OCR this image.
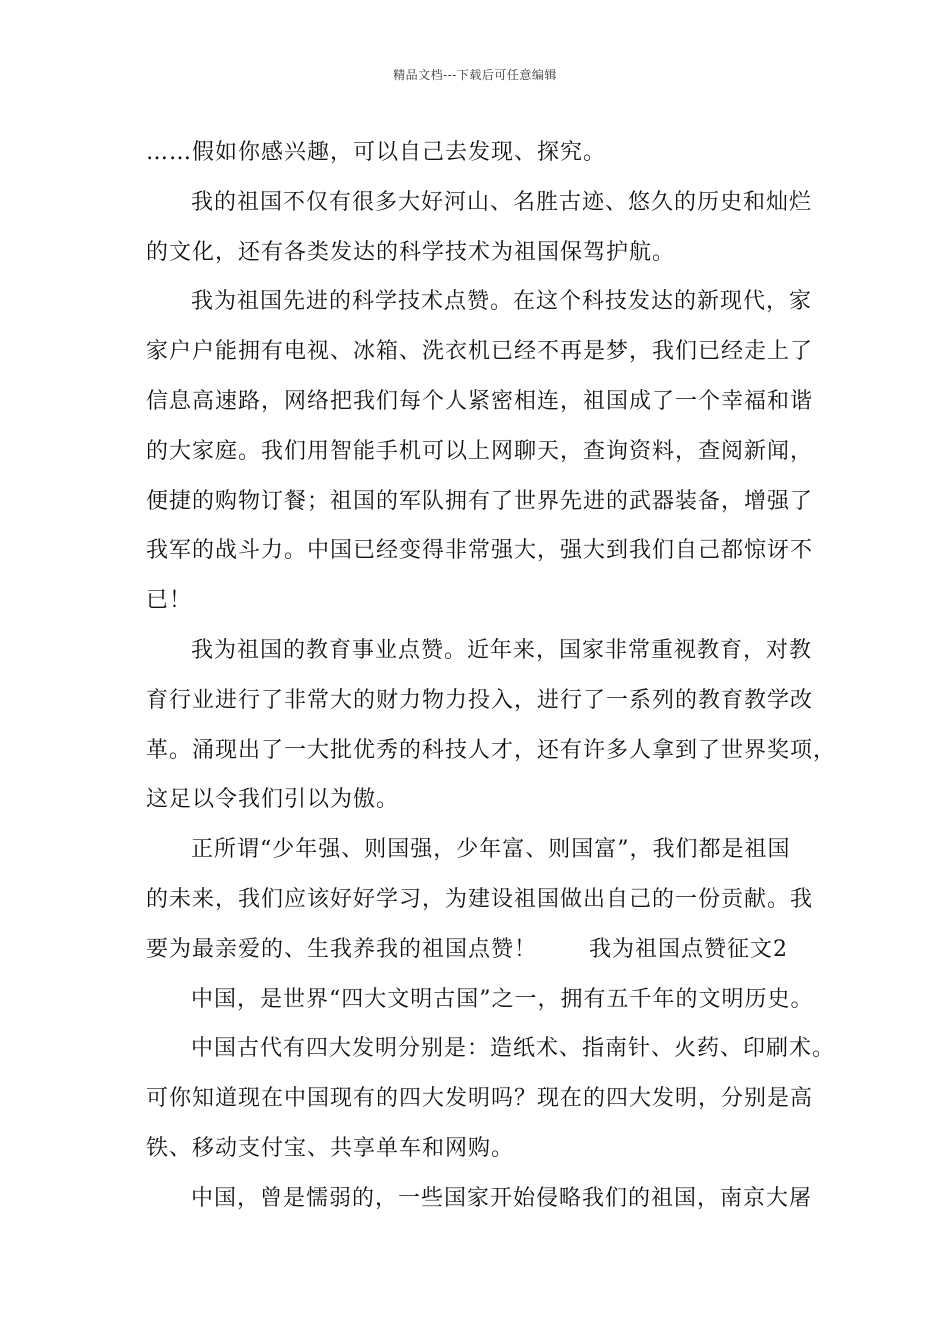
精品文档---下载后可任意编辑
……假如你感兴趣，可以自己去发现、探究。
我的祖国不仅有很多大好河山、名胜古迹、悠久的历史和灿烂
的文化，还有各类发达的科学技术为祖国保驾护航。
我为祖国先进的科学技术点赞。在这个科技发达的新现代，家
家户户能拥有电视、冰箱、洗衣机已经不再是梦，我们已经走上了
信息高速路，网络把我们每个人紧密相连，祖国成了一个幸福和谐
的大家庭。我们用智能手机可以上网聊天，查询资料，查阅新闻，
便捷的购物订餐；祖国的军队拥有了世界先进的武器装备，增强了
我军的战斗力。中国已经变得非常强大，强大到我们自己都惊讶不
已！
我为祖国的教育事业点赞。近年来，国家非常重视教育，对教
育行业进行了非常大的财力物力投入，进行了一系列的教育教学改
革。涌现出了一大批优秀的科技人才，还有许多人拿到了世界奖项，
这足以令我们引以为傲。
正所谓“少年强、则国强，少年富、则国富”，我们都是祖国
的未来，我们应该好好学习，为建设祖国做出自己的一份贡献。我
要为最亲爱的、生我养我的祖国点赞！ 我为祖国点赞征文2
中国，是世界“四大文明古国”之一，拥有五千年的文明历史。
中国古代有四大发明分别是：造纸术、指南针、火药、印刷术。
可你知道现在中国现有的四大发明吗？现在的四大发明，分别是高
铁、移动支付宝、共享单车和网购。
中国，曾是懦弱的，一些国家开始侵略我们的祖国，南京大屠
